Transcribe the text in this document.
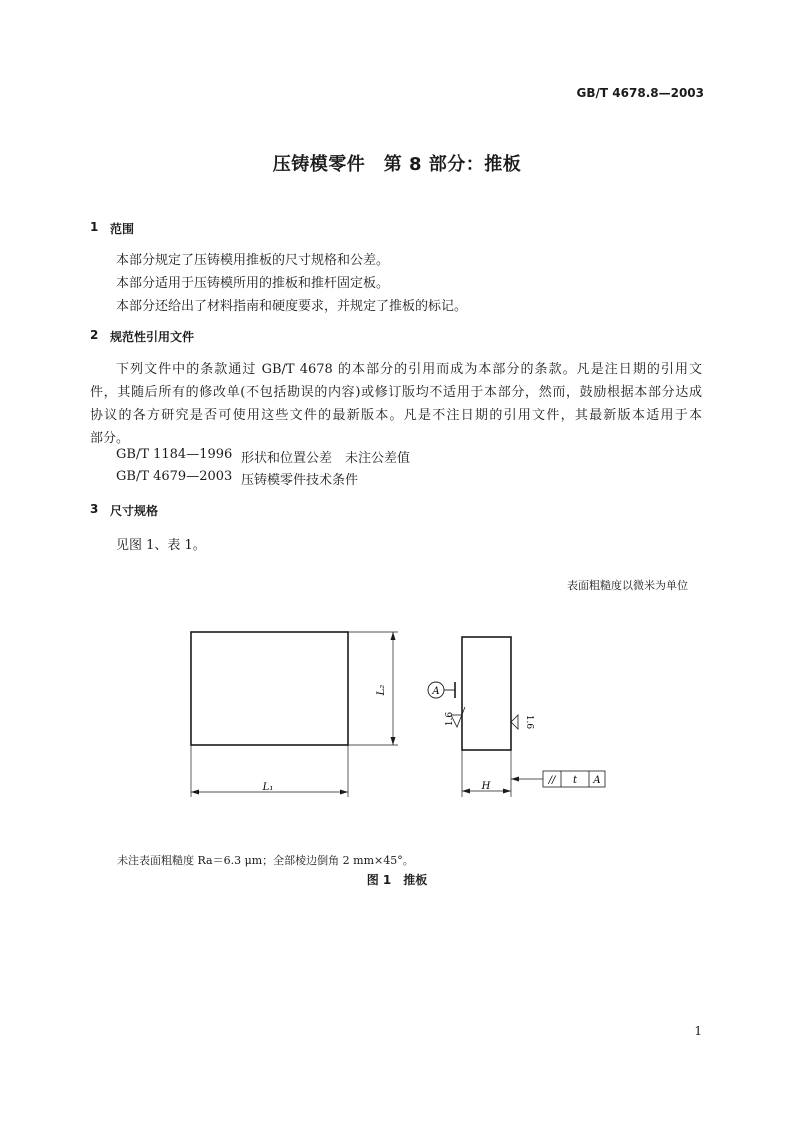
GB/T 4678.8—2003
压铸模零件　第 8 部分：推板
1 范围
本部分规定了压铸模用推板的尺寸规格和公差。
本部分适用于压铸模所用的推板和推杆固定板。
本部分还给出了材料指南和硬度要求，并规定了推板的标记。
2 规范性引用文件
下列文件中的条款通过 GB/T 4678 的本部分的引用而成为本部分的条款。凡是注日期的引用文
件，其随后所有的修改单(不包括勘误的内容)或修订版均不适用于本部分，然而，鼓励根据本部分达成
协议的各方研究是否可使用这些文件的最新版本。凡是不注日期的引用文件，其最新版本适用于本
部分。
GB/T 1184—1996 形状和位置公差　未注公差值
GB/T 4679—2003 压铸模零件技术条件
3 尺寸规格
见图 1、表 1。
表面粗糙度以微米为单位
L₁
L₂
H
A
1.6	1.6
// t A
未注表面粗糙度 Ra＝6.3 μm；全部棱边倒角 2 mm×45°。
图 1　推板
1
